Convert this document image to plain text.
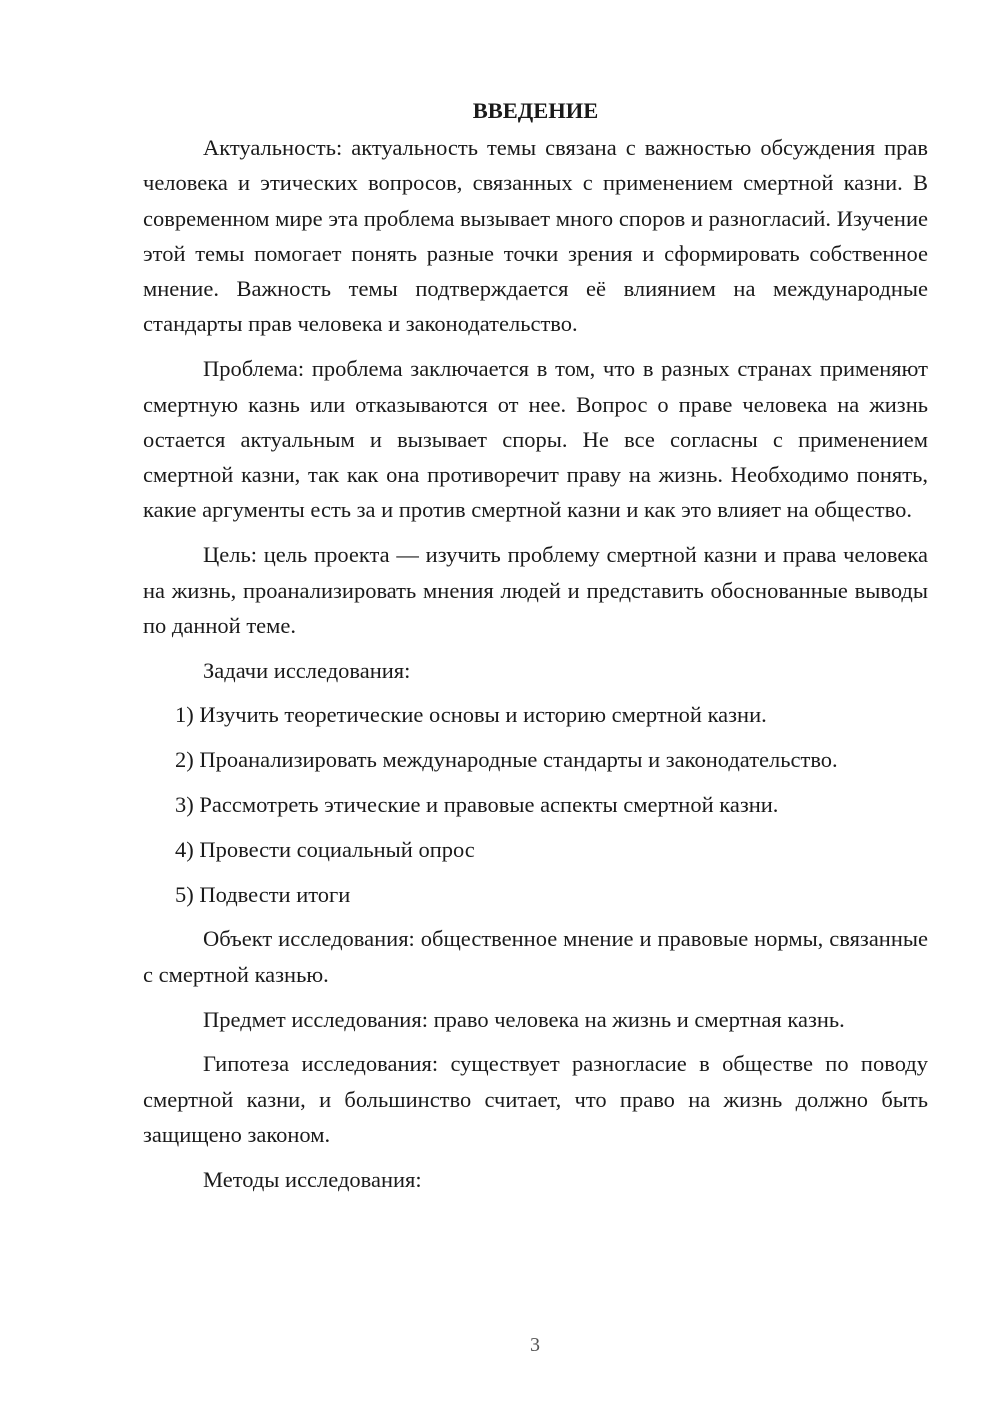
ВВЕДЕНИЕ

Актуальность: актуальность темы связана с важностью обсуждения прав человека и этических вопросов, связанных с применением смертной казни. В современном мире эта проблема вызывает много споров и разногласий. Изучение этой темы помогает понять разные точки зрения и сформировать собственное мнение. Важность темы подтверждается её влиянием на международные стандарты прав человека и законодательство.

Проблема: проблема заключается в том, что в разных странах применяют смертную казнь или отказываются от нее. Вопрос о праве человека на жизнь остается актуальным и вызывает споры. Не все согласны с применением смертной казни, так как она противоречит праву на жизнь. Необходимо понять, какие аргументы есть за и против смертной казни и как это влияет на общество.

Цель: цель проекта — изучить проблему смертной казни и права человека на жизнь, проанализировать мнения людей и представить обоснованные выводы по данной теме.

Задачи исследования:

1) Изучить теоретические основы и историю смертной казни.

2) Проанализировать международные стандарты и законодательство.

3) Рассмотреть этические и правовые аспекты смертной казни.

4) Провести социальный опрос

5) Подвести итоги

Объект исследования: общественное мнение и правовые нормы, связанные с смертной казнью.

Предмет исследования: право человека на жизнь и смертная казнь.

Гипотеза исследования: существует разногласие в обществе по поводу смертной казни, и большинство считает, что право на жизнь должно быть защищено законом.

Методы исследования:

3
